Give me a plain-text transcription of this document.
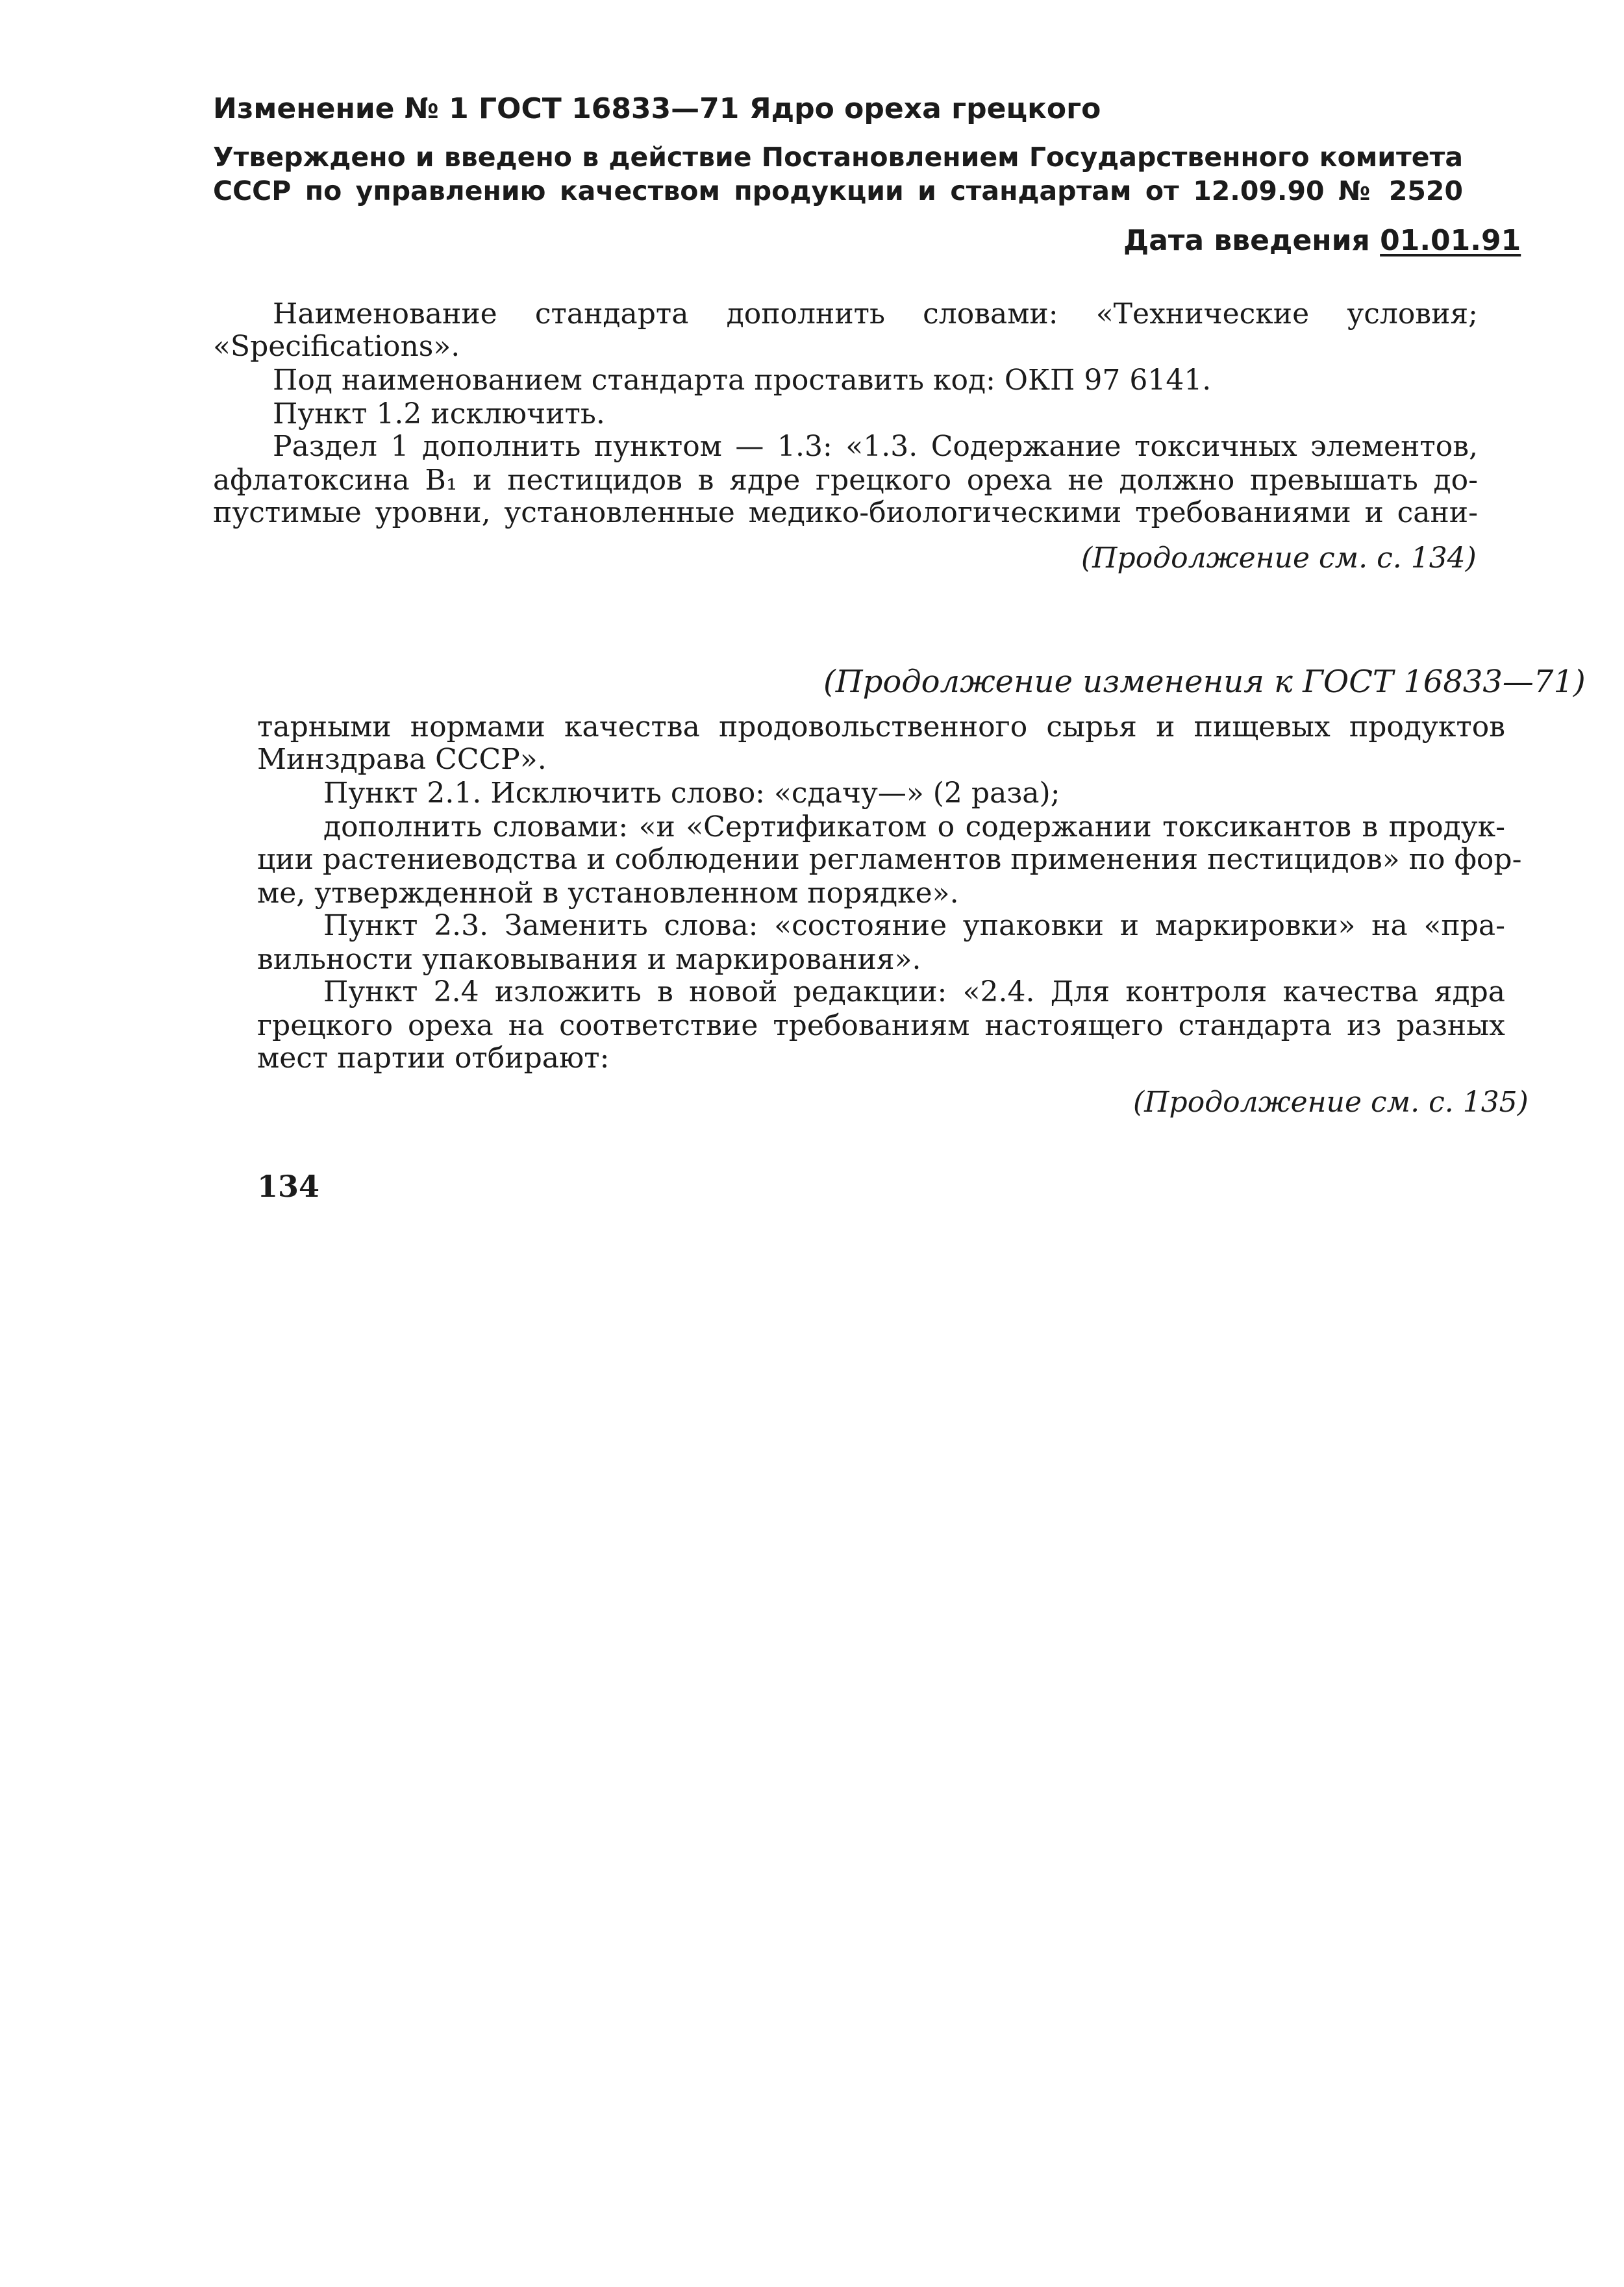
Изменение № 1 ГОСТ 16833—71 Ядро ореха грецкого

Утверждено и введено в действие Постановлением Государственного комитета

СССР по управлению качеством продукции и стандартам от 12.09.90 № 2520

Дата введения 01.01.91

Наименование стандарта дополнить словами: «Технические условия;

«Specifications».

Под наименованием стандарта проставить код: ОКП 97 6141.

Пункт 1.2 исключить.

Раздел 1 дополнить пунктом — 1.3: «1.3. Содержание токсичных элементов,

афлатоксина B₁ и пестицидов в ядре грецкого ореха не должно превышать до-

пустимые уровни, установленные медико-биологическими требованиями и сани-

(Продолжение см. с. 134)

(Продолжение изменения к ГОСТ 16833—71)

тарными нормами качества продовольственного сырья и пищевых продуктов

Минздрава СССР».

Пункт 2.1. Исключить слово: «сдачу—» (2 раза);

дополнить словами: «и «Сертификатом о содержании токсикантов в продук-

ции растениеводства и соблюдении регламентов применения пестицидов» по фор-

ме, утвержденной в установленном порядке».

Пункт 2.3. Заменить слова: «состояние упаковки и маркировки» на «пра-

вильности упаковывания и маркирования».

Пункт 2.4 изложить в новой редакции: «2.4. Для контроля качества ядра

грецкого ореха на соответствие требованиям настоящего стандарта из разных

мест партии отбирают:

(Продолжение см. с. 135)

134
